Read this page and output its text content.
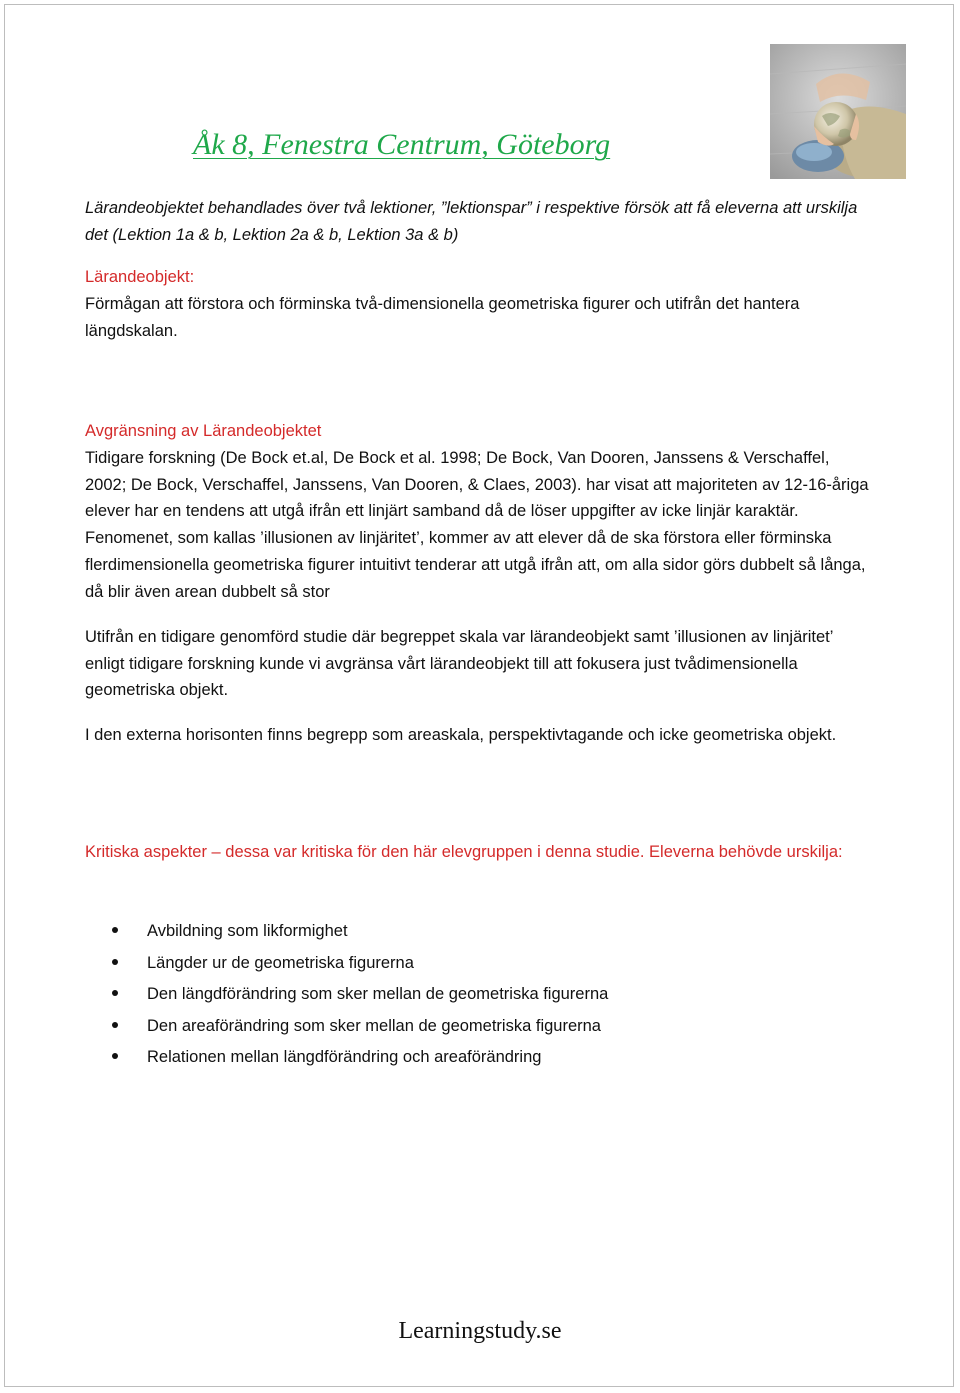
Åk 8, Fenestra Centrum, Göteborg
Lärandeobjektet behandlades över två lektioner, ”lektionspar” i respektive försök att få eleverna att urskilja det (Lektion 1a & b, Lektion 2a & b, Lektion 3a & b)
Lärandeobjekt:
Förmågan att förstora och förminska två-dimensionella geometriska figurer och utifrån det hantera längdskalan.
Avgränsning av Lärandeobjektet
Tidigare forskning (De Bock et.al, De Bock et al. 1998; De Bock, Van Dooren, Janssens & Verschaffel, 2002; De Bock, Verschaffel, Janssens, Van Dooren, & Claes, 2003). har visat att majoriteten av 12-16-åriga elever har en tendens att utgå ifrån ett linjärt samband då de löser uppgifter av icke linjär karaktär. Fenomenet, som kallas ’illusionen av linjäritet’, kommer av att elever då de ska förstora eller förminska flerdimensionella geometriska figurer intuitivt tenderar att utgå ifrån att, om alla sidor görs dubbelt så långa, då blir även arean dubbelt så stor
Utifrån en tidigare genomförd studie där begreppet skala var lärandeobjekt samt ’illusionen av linjäritet’ enligt tidigare forskning kunde vi avgränsa vårt lärandeobjekt till att fokusera just tvådimensionella geometriska objekt.
I den externa horisonten finns begrepp som areaskala, perspektivtagande och icke geometriska objekt.
Kritiska aspekter – dessa var kritiska för den här elevgruppen i denna studie. Eleverna behövde urskilja:
Avbildning som likformighet
Längder ur de geometriska figurerna
Den längdförändring som sker mellan de geometriska figurerna
Den areaförändring som sker mellan de geometriska figurerna
Relationen mellan längdförändring och areaförändring
Learningstudy.se
